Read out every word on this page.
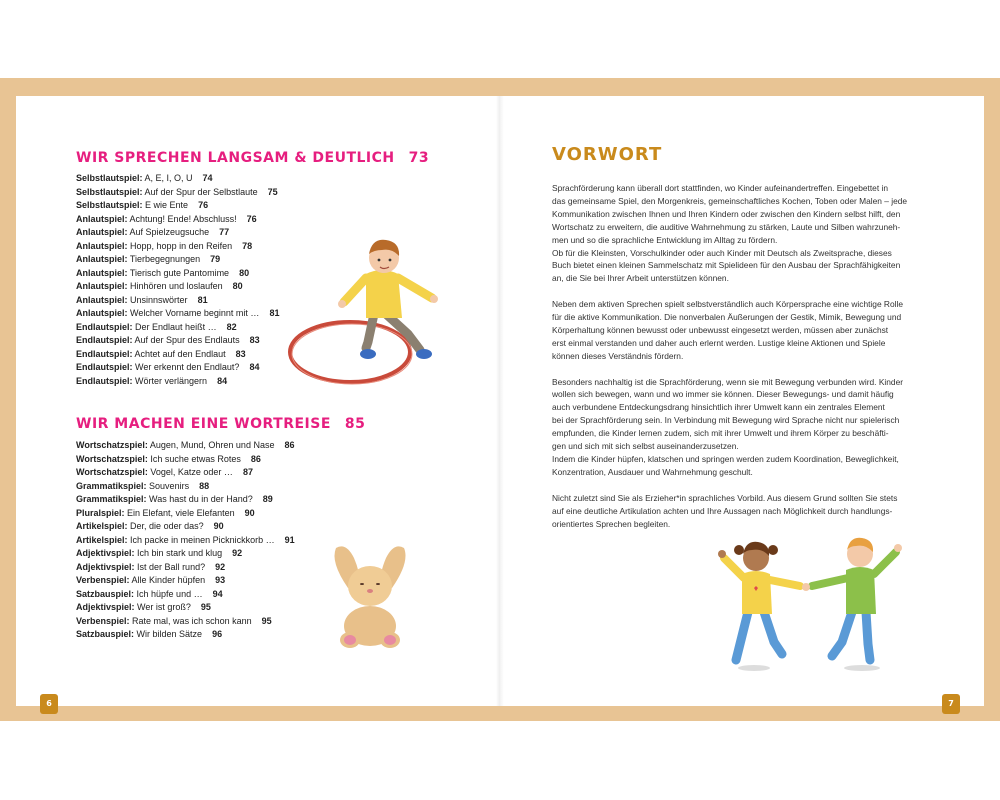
WIR SPRECHEN LANGSAM & DEUTLICH 73
Selbstlautspiel: A, E, I, O, U 74
Selbstlautspiel: Auf der Spur der Selbstlaute 75
Selbstlautspiel: E wie Ente 76
Anlautspiel: Achtung! Ende! Abschluss! 76
Anlautspiel: Auf Spielzeugsuche 77
Anlautspiel: Hopp, hopp in den Reifen 78
Anlautspiel: Tierbegegnungen 79
Anlautspiel: Tierisch gute Pantomime 80
Anlautspiel: Hinhören und loslaufen 80
Anlautspiel: Unsinnswörter 81
Anlautspiel: Welcher Vorname beginnt mit … 81
Endlautspiel: Der Endlaut heißt … 82
Endlautspiel: Auf der Spur des Endlauts 83
Endlautspiel: Achtet auf den Endlaut 83
Endlautspiel: Wer erkennt den Endlaut? 84
Endlautspiel: Wörter verlängern 84
WIR MACHEN EINE WORTREISE 85
Wortschatzspiel: Augen, Mund, Ohren und Nase 86
Wortschatzspiel: Ich suche etwas Rotes 86
Wortschatzspiel: Vogel, Katze oder … 87
Grammatikspiel: Souvenirs 88
Grammatikspiel: Was hast du in der Hand? 89
Pluralspiel: Ein Elefant, viele Elefanten 90
Artikelspiel: Der, die oder das? 90
Artikelspiel: Ich packe in meinen Picknickkorb … 91
Adjektivspiel: Ich bin stark und klug 92
Adjektivspiel: Ist der Ball rund? 92
Verbenspiel: Alle Kinder hüpfen 93
Satzbauspiel: Ich hüpfe und … 94
Adjektivspiel: Wer ist groß? 95
Verbenspiel: Rate mal, was ich schon kann 95
Satzbauspiel: Wir bilden Sätze 96
VORWORT

Sprachförderung kann überall dort stattfinden, wo Kinder aufeinandertreffen. Eingebettet in
das gemeinsame Spiel, den Morgenkreis, gemeinschaftliches Kochen, Toben oder Malen – jede
Kommunikation zwischen Ihnen und Ihren Kindern oder zwischen den Kindern selbst hilft, den
Wortschatz zu erweitern, die auditive Wahrnehmung zu stärken, Laute und Silben wahrzuneh-
men und so die sprachliche Entwicklung im Alltag zu fördern.
Ob für die Kleinsten, Vorschulkinder oder auch Kinder mit Deutsch als Zweitsprache, dieses
Buch bietet einen kleinen Sammelschatz mit Spielideen für den Ausbau der Sprachfähigkeiten
an, die Sie bei Ihrer Arbeit unterstützen können.

Neben dem aktiven Sprechen spielt selbstverständlich auch Körpersprache eine wichtige Rolle
für die aktive Kommunikation. Die nonverbalen Äußerungen der Gestik, Mimik, Bewegung und
Körperhaltung können bewusst oder unbewusst eingesetzt werden, müssen aber zunächst
erst einmal verstanden und daher auch erlernt werden. Lustige kleine Aktionen und Spiele
können dieses Verständnis fördern.

Besonders nachhaltig ist die Sprachförderung, wenn sie mit Bewegung verbunden wird. Kinder
wollen sich bewegen, wann und wo immer sie können. Dieser Bewegungs- und damit häufig
auch verbundene Entdeckungsdrang hinsichtlich ihrer Umwelt kann ein zentrales Element
bei der Sprachförderung sein. In Verbindung mit Bewegung wird Sprache nicht nur spielerisch
empfunden, die Kinder lernen zudem, sich mit ihrer Umwelt und ihrem Körper zu beschäfti-
gen und sich mit sich selbst auseinanderzusetzen.
Indem die Kinder hüpfen, klatschen und springen werden zudem Koordination, Beweglichkeit,
Konzentration, Ausdauer und Wahrnehmung geschult.

Nicht zuletzt sind Sie als Erzieher*in sprachliches Vorbild. Aus diesem Grund sollten Sie stets
auf eine deutliche Artikulation achten und Ihre Aussagen nach Möglichkeit durch handlungs-
orientiertes Sprechen begleiten.

6	7
